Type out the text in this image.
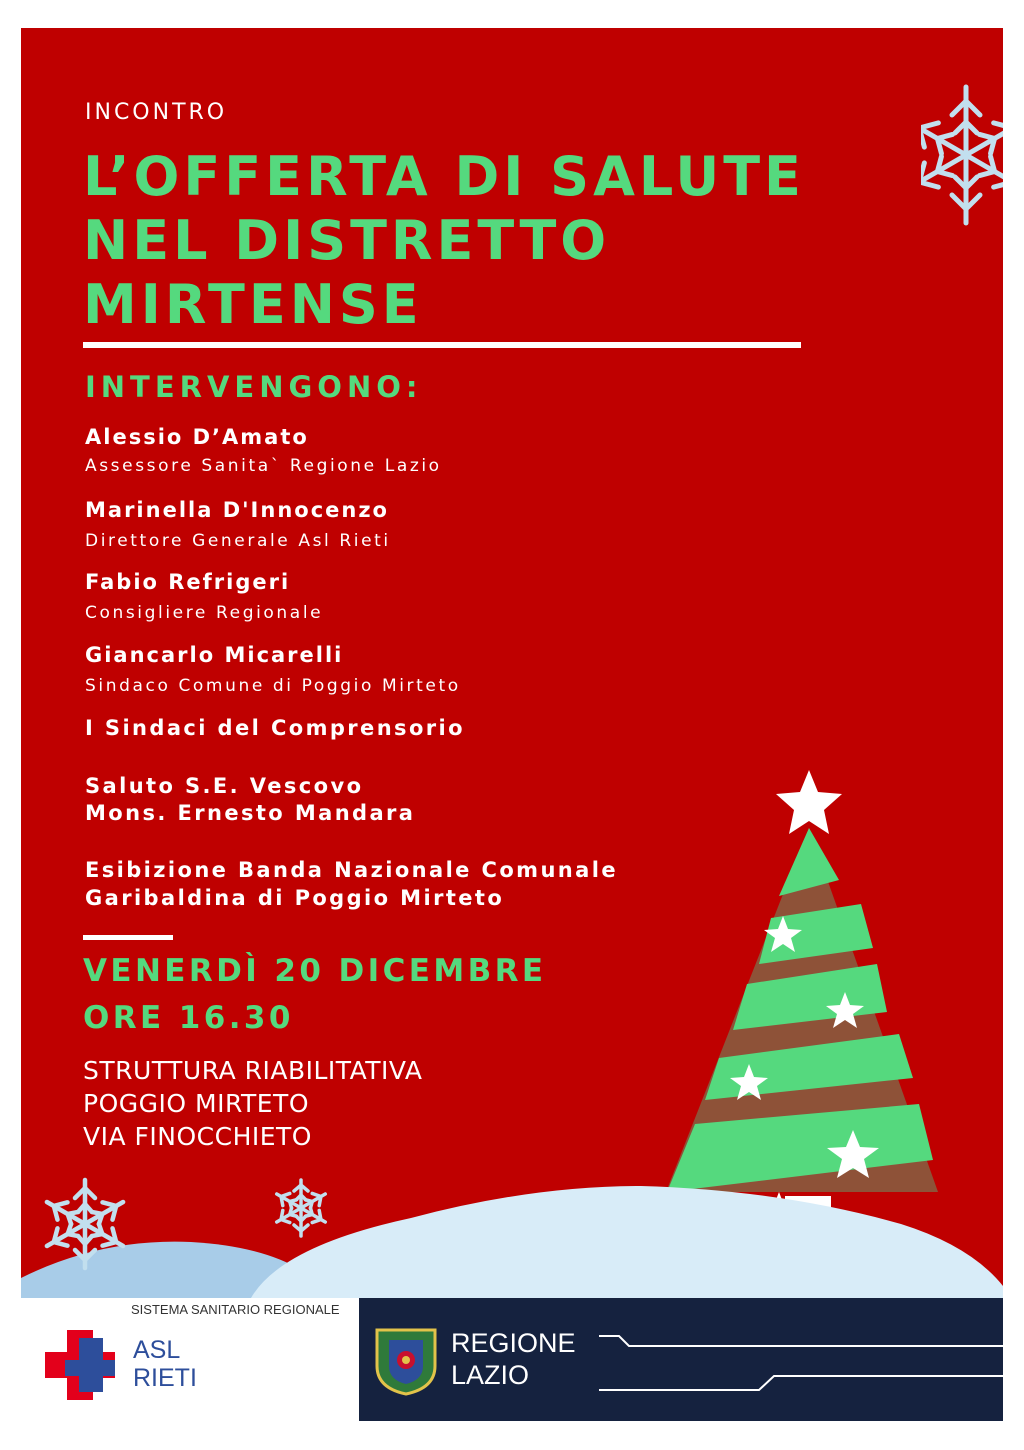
INCONTRO
L’OFFERTA DI SALUTE
NEL DISTRETTO
MIRTENSE
INTERVENGONO:
Alessio D’Amato
Assessore Sanita` Regione Lazio
Marinella D'Innocenzo
Direttore Generale Asl Rieti
Fabio Refrigeri
Consigliere Regionale
Giancarlo Micarelli
Sindaco Comune di Poggio Mirteto
I Sindaci del Comprensorio
Saluto S.E. Vescovo
Mons. Ernesto Mandara
Esibizione Banda Nazionale Comunale
Garibaldina di Poggio Mirteto
VENERDÌ 20 DICEMBRE
ORE 16.30
STRUTTURA RIABILITATIVA
POGGIO MIRTETO
VIA FINOCCHIETO
SISTEMA SANITARIO REGIONALE
ASL
RIETI
REGIONE
LAZIO
